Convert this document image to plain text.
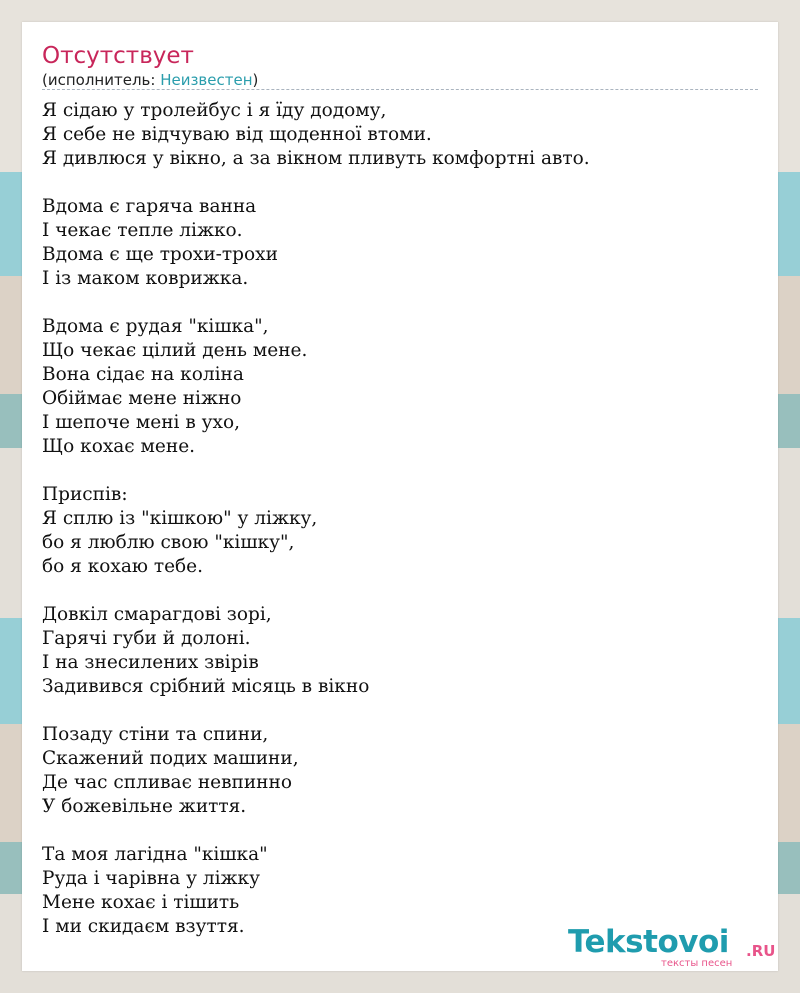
Отсутствует
(исполнитель: Неизвестен)
Я сідаю у тролейбус і я їду додому,
Я себе не відчуваю від щоденної втоми.
Я дивлюся у вікно, а за вікном пливуть комфортні авто.

Вдома є гаряча ванна
І чекає тепле ліжко.
Вдома є ще трохи-трохи
І із маком коврижка.

Вдома є рудая "кішка",
Що чекає цілий день мене.
Вона сідає на коліна
Обіймає мене ніжно
І шепоче мені в ухо,
Що кохає мене.

Приспів:
Я сплю із "кішкою" у ліжку,
бо я люблю свою "кішку",
бо я кохаю тебе.

Довкіл смарагдові зорі,
Гарячі губи й долоні.
І на знесилених звірів
Задивився срібний місяць в вікно

Позаду стіни та спини,
Скажений подих машини,
Де час спливає невпинно
У божевільне життя.

Та моя лагідна "кішка"
Руда і чарівна у ліжку
Мене кохає і тішить
І ми скидаєм взуття.	Tekstovoi .RU
тексты песен
